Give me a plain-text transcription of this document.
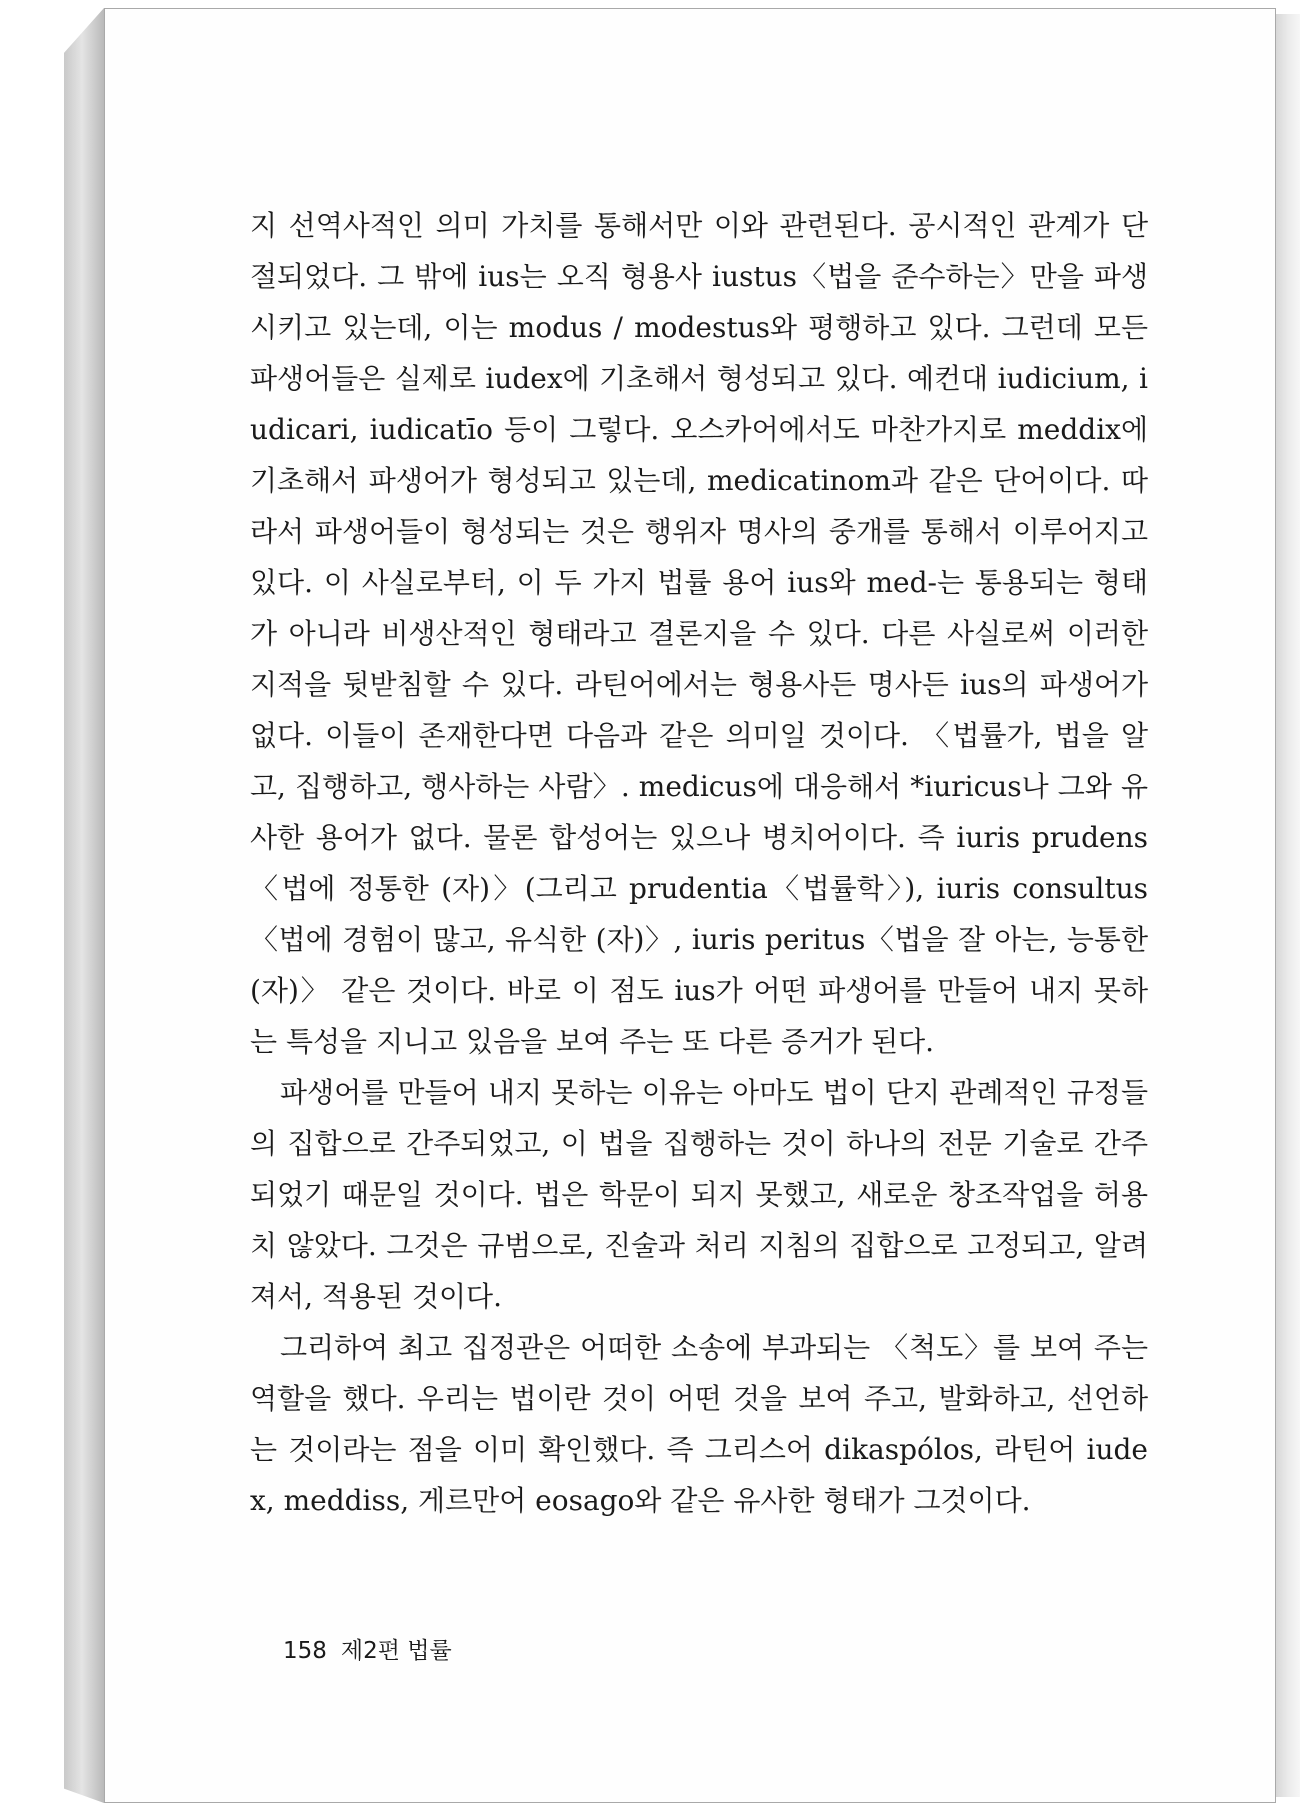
지 선역사적인 의미 가치를 통해서만 이와 관련된다. 공시적인 관계가 단절되었다. 그 밖에 ius는 오직 형용사 iustus〈법을 준수하는〉만을 파생시키고 있는데, 이는 modus / modestus와 평행하고 있다. 그런데 모든 파생어들은 실제로 iudex에 기초해서 형성되고 있다. 예컨대 iudicium, iudicari, iudicatīo 등이 그렇다. 오스카어에서도 마찬가지로 meddix에 기초해서 파생어가 형성되고 있는데, medicatinom과 같은 단어이다. 따라서 파생어들이 형성되는 것은 행위자 명사의 중개를 통해서 이루어지고 있다. 이 사실로부터, 이 두 가지 법률 용어 ius와 med-는 통용되는 형태가 아니라 비생산적인 형태라고 결론지을 수 있다. 다른 사실로써 이러한 지적을 뒷받침할 수 있다. 라틴어에서는 형용사든 명사든 ius의 파생어가 없다. 이들이 존재한다면 다음과 같은 의미일 것이다. 〈법률가, 법을 알고, 집행하고, 행사하는 사람〉. medicus에 대응해서 *iuricus나 그와 유사한 용어가 없다. 물론 합성어는 있으나 병치어이다. 즉 iuris prudens〈법에 정통한 (자)〉(그리고 prudentia〈법률학〉), iuris consultus〈법에 경험이 많고, 유식한 (자)〉, iuris peritus〈법을 잘 아는, 능통한 (자)〉 같은 것이다. 바로 이 점도 ius가 어떤 파생어를 만들어 내지 못하는 특성을 지니고 있음을 보여 주는 또 다른 증거가 된다.

파생어를 만들어 내지 못하는 이유는 아마도 법이 단지 관례적인 규정들의 집합으로 간주되었고, 이 법을 집행하는 것이 하나의 전문 기술로 간주되었기 때문일 것이다. 법은 학문이 되지 못했고, 새로운 창조작업을 허용치 않았다. 그것은 규범으로, 진술과 처리 지침의 집합으로 고정되고, 알려져서, 적용된 것이다.

그리하여 최고 집정관은 어떠한 소송에 부과되는 〈척도〉를 보여 주는 역할을 했다. 우리는 법이란 것이 어떤 것을 보여 주고, 발화하고, 선언하는 것이라는 점을 이미 확인했다. 즉 그리스어 dikaspólos, 라틴어 iudex, meddiss, 게르만어 eosago와 같은 유사한 형태가 그것이다.

158 제2편 법률
